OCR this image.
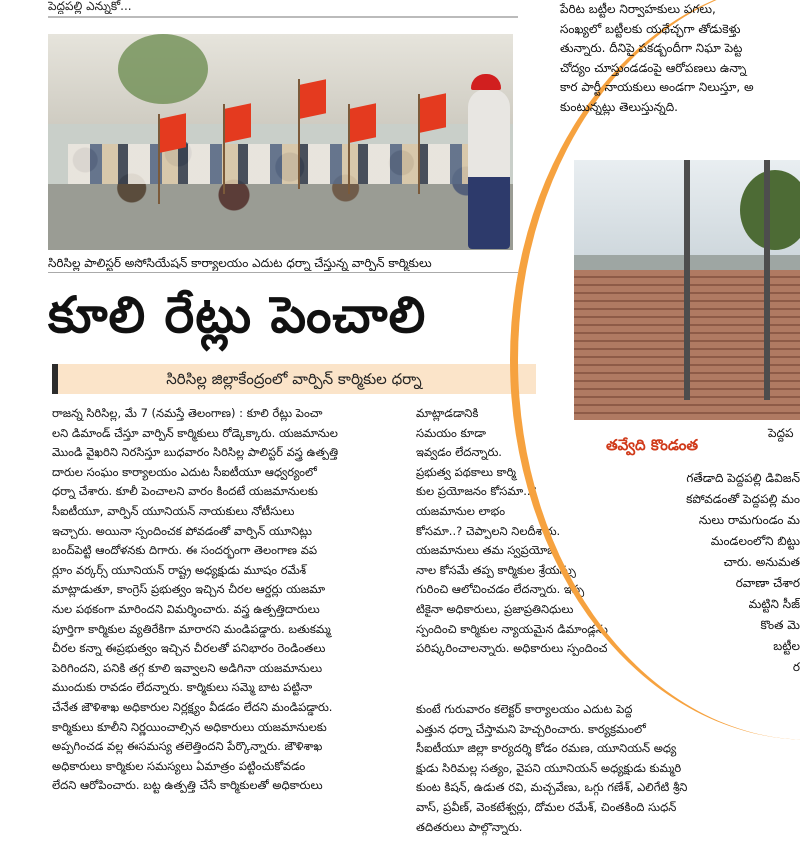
పెద్దపల్లి ఎన్నుకో...
సిరిసిల్ల పాలిస్టర్ అసోసియేషన్ కార్యాలయం ఎదుట ధర్నా చేస్తున్న వార్పిన్ కార్మికులు
కూలి రేట్లు పెంచాలి
సిరిసిల్ల జిల్లాకేంద్రంలో వార్పిన్ కార్మికుల ధర్నా
రాజన్న సిరిసిల్ల, మే 7 (నమస్తే తెలంగాణ) : కూలి రేట్లు పెంచా
లని డిమాండ్ చేస్తూ వార్పిన్ కార్మికులు రోడ్కెక్కారు. యజమానుల
మొండి వైఖరిని నిరసిస్తూ బుధవారం సిరిసిల్ల పాలిస్టర్ వస్త్ర ఉత్పత్తి
దారుల సంఘం కార్యాలయం ఎదుట సీఐటీయూ ఆధ్వర్యంలో
ధర్నా చేశారు. కూలీ పెంచాలని వారం కిందటే యజమానులకు
సీఐటీయూ, వార్పిన్ యూనియన్ నాయకులు నోటీసులు
ఇచ్చారు. అయినా స్పందించక పోవడంతో వార్పిన్ యూనిట్లు
బంద్‌పెట్టి ఆందోళనకు దిగారు. ఈ సందర్భంగా తెలంగాణ వప
ర్లూం వర్కర్స్ యూనియన్ రాష్ట్ర అధ్యక్షుడు మూషం రమేశ్
మాట్లాడుతూ, కాంగ్రెస్ ప్రభుత్వం ఇచ్చిన చీరల ఆర్డర్లు యజమా
నుల పథకంగా మారిందని విమర్శించారు. వస్త్ర ఉత్పత్తిదారులు
పూర్తిగా కార్మికుల వ్యతిరేకిగా మారారని మండిపడ్డారు. బతుకమ్మ
చీరల కన్నా ఈప్రభుత్వం ఇచ్చిన చీరలతో పనిభారం రెండింతలు
పెరిగిందని, పనికి తగ్గ కూలి ఇవ్వాలని అడిగినా యజమానులు
ముందుకు రావడం లేదన్నారు. కార్మికులు సమ్మె బాట పట్టినా
చేనేత జౌళిశాఖ అధికారుల నిర్లక్ష్యం వీడడం లేదని మండిపడ్డారు.
కార్మికులు కూలీని నిర్ణయించాల్సిన అధికారులు యజమానులకు
అప్పగించడ వల్ల ఈసమస్య తలెత్తిందని పేర్కొన్నారు. జౌళిశాఖ
అధికారులు కార్మికుల సమస్యలు ఏమాత్రం పట్టించుకోవడం
లేదని ఆరోపించారు. బట్ట ఉత్పత్తి చేసే కార్మికులతో అధికారులు
మాట్లాడడానికి
సమయం కూడా
ఇవ్వడం లేదన్నారు.
ప్రభుత్వ పథకాలు కార్మి
కుల ప్రయోజనం కోసమా..?
యజమానుల లాభం
కోసమా..? చెప్పాలని నిలదీశారు.
యజమానులు తమ స్వప్రయోజ
నాల కోసమే తప్ప కార్మికుల శ్రేయస్సు
గురించి ఆలోచించడం లేదన్నారు. ఇప్ప
టికైనా అధికారులు, ప్రజాప్రతినిధులు
స్పందించి కార్మికుల న్యాయమైన డిమాండ్లను
పరిష్కరించాలన్నారు. అధికారులు స్పందించ
కుంటే గురువారం కలెక్టర్ కార్యాలయం ఎదుట పెద్ద
ఎత్తున ధర్నా చేస్తామని హెచ్చరించారు. కార్యక్రమంలో
సీఐటీయూ జిల్లా కార్యదర్శి కోడం రమణ, యూనియన్ అధ్య
క్షుడు సిరిమల్ల సత్యం, వైపని యూనియన్ అధ్యక్షుడు కుమ్మరి
కుంట కిషన్, ఉడుత రవి, మచ్చవేణు, ఒగ్గు గణేశ్, ఎలిగేటి శ్రీని
వాస్, ప్రవీణ్, వెంకటేశ్వర్లు, దోమల రమేశ్, చింతకింది సుధన్
తదితరులు పాల్గొన్నారు.
పేరిట బట్టీల నిర్వాహకులు పగలు,
సంఖ్యలో బట్టీలకు యథేచ్ఛగా తోడుకెళ్తు
తున్నారు. దీనిపై పకడ్బందీగా నిఘా పెట్ట
చోద్యం చూస్తుండడంపై ఆరోపణలు ఉన్నా
కార పార్టీ నాయకులు అండగా నిలుస్తూ, అ
కుంటున్నట్లు తెలుస్తున్నది.
తవ్వేది కొండంత
పెద్దప
గతేడాది పెద్దపల్లి డివిజన్
కపోవడంతో పెద్దపల్లి మం
నులు రామగుండం మ
మండలంలోని బిట్టు
చారు. అనుమత
రవాణా చేశార
మట్టిని సీజ్
కొంత మె
బట్టీల
ర
